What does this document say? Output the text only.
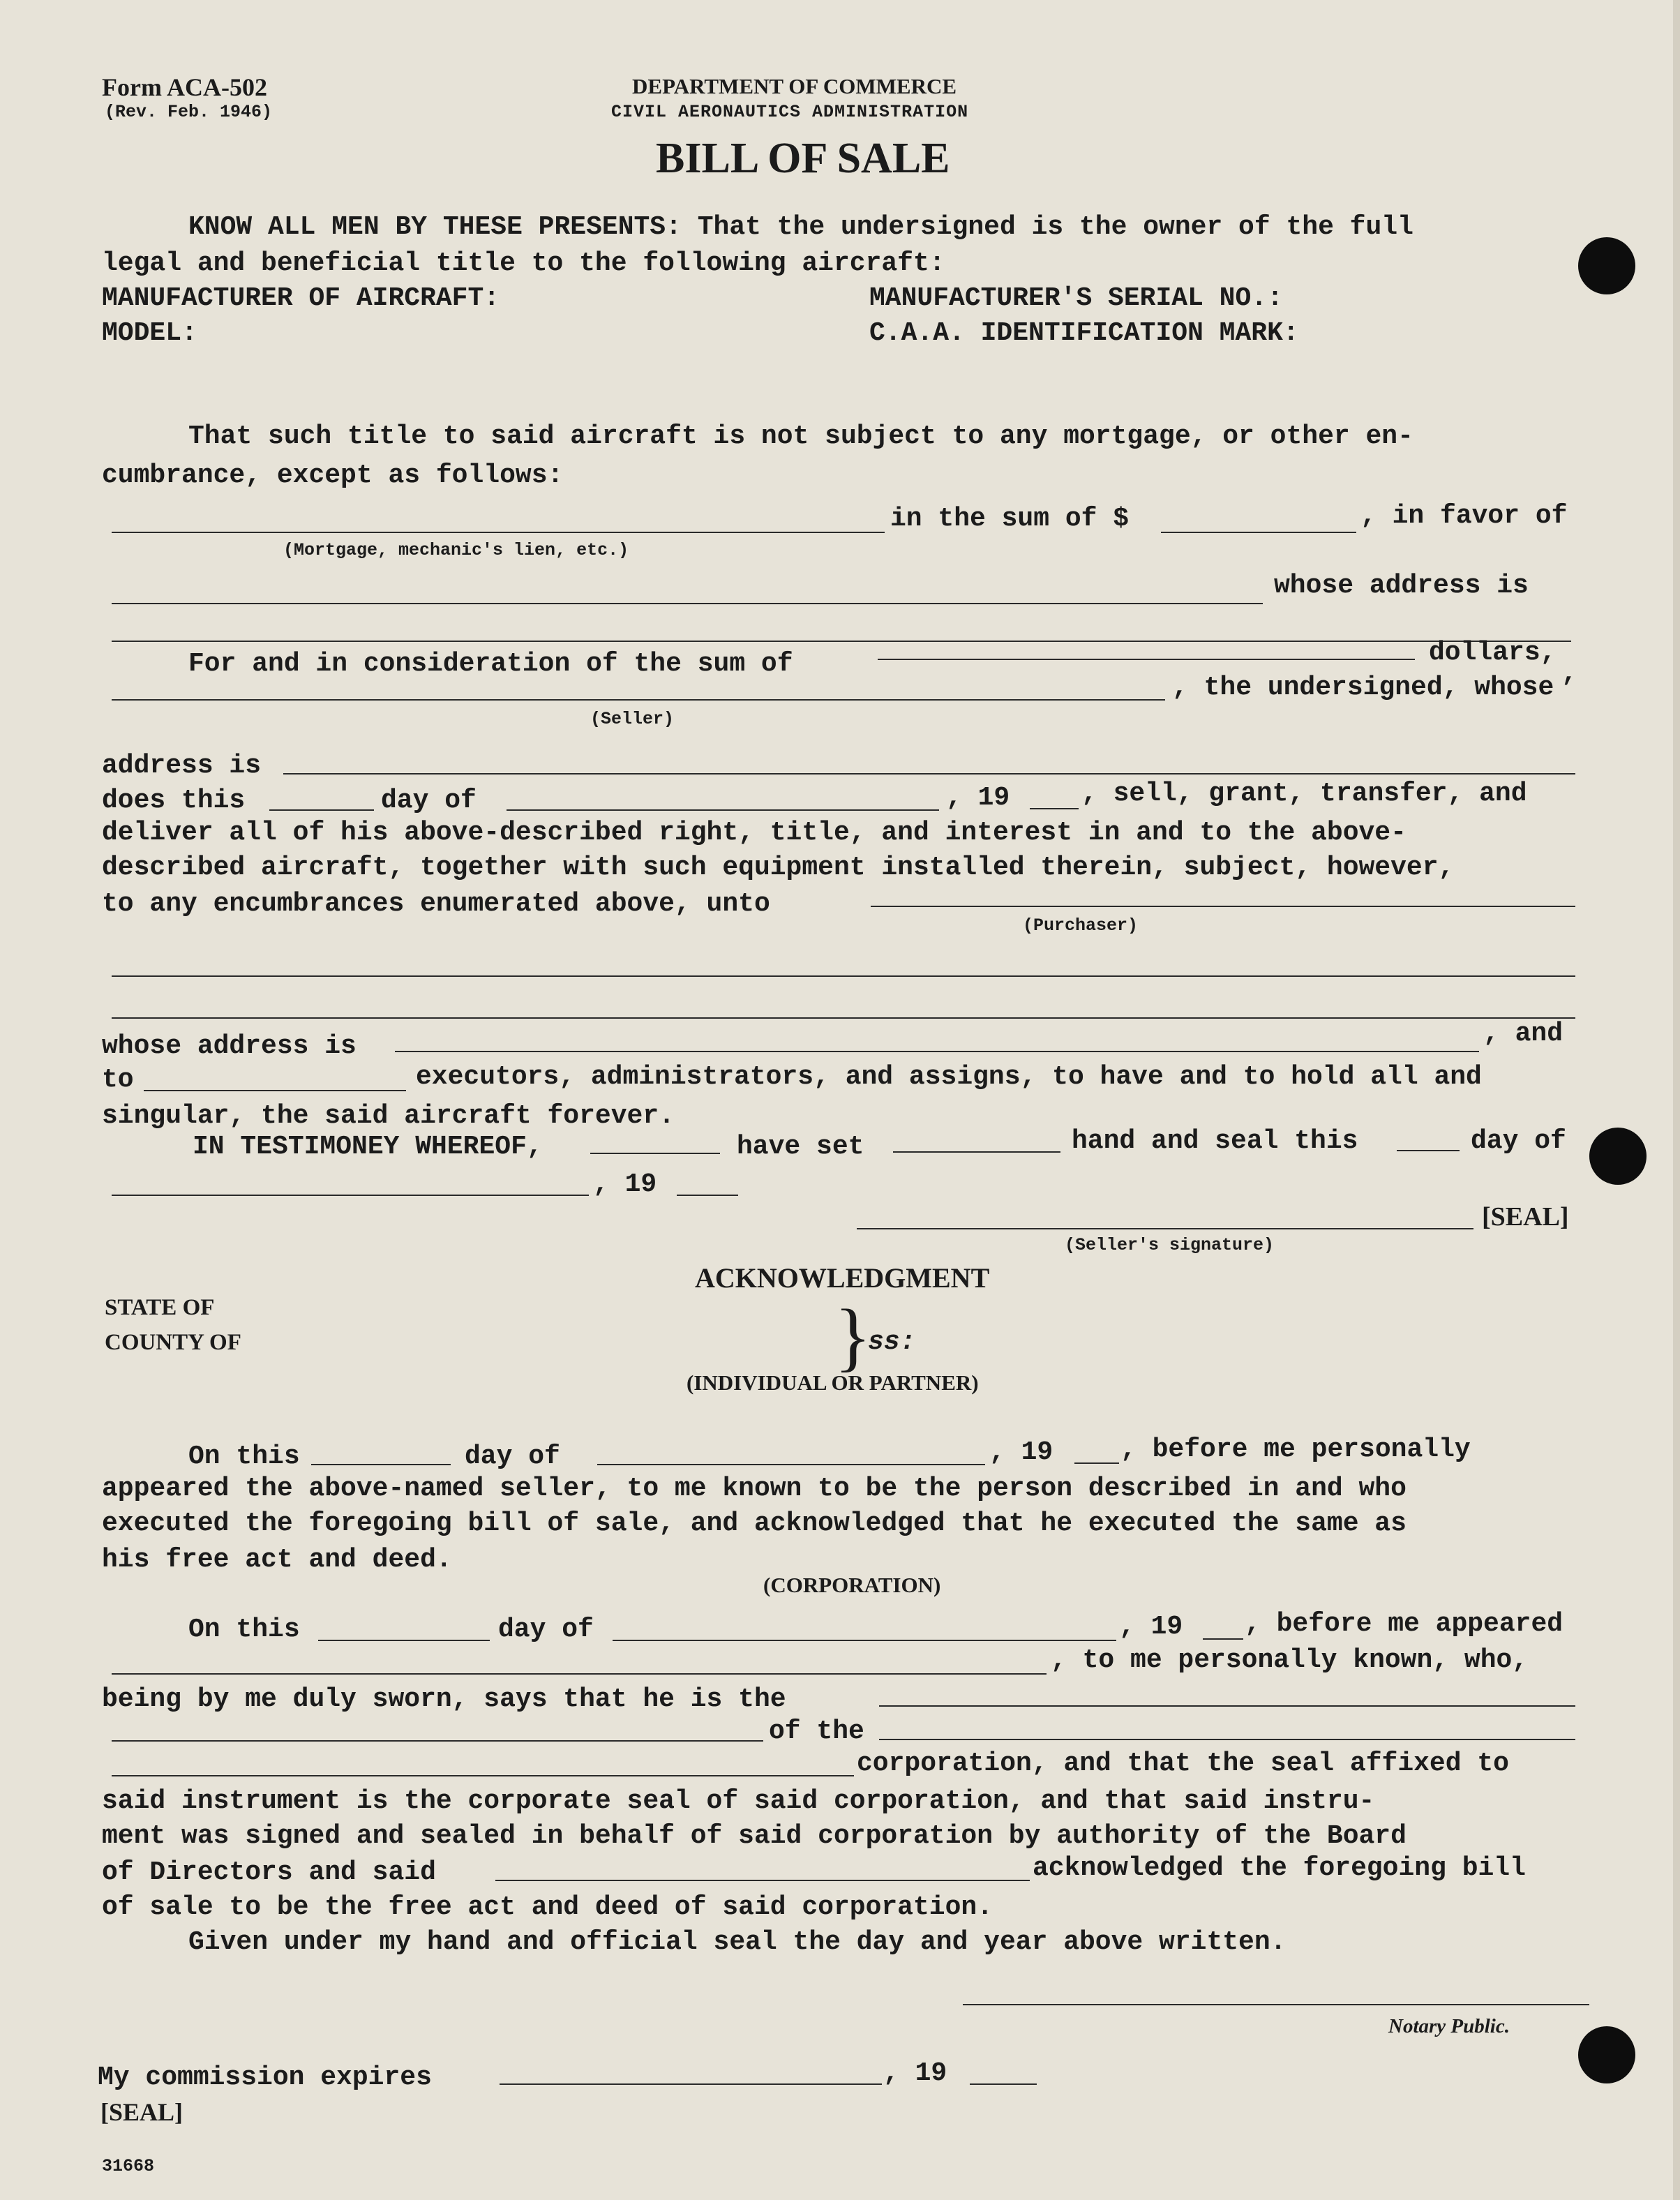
Form ACA-502
(Rev. Feb. 1946)
DEPARTMENT OF COMMERCE
CIVIL AERONAUTICS ADMINISTRATION
BILL OF SALE
KNOW ALL MEN BY THESE PRESENTS: That the undersigned is the owner of the full
legal and beneficial title to the following aircraft:
MANUFACTURER OF AIRCRAFT:	MANUFACTURER'S SERIAL NO.:
MODEL:	C.A.A. IDENTIFICATION MARK:
That such title to said aircraft is not subject to any mortgage, or other en-
cumbrance, except as follows:
in the sum of $	, in favor of
(Mortgage, mechanic's lien, etc.)
whose address is
For and in consideration of the sum of	dollars,
,
, the undersigned, whose
(Seller)
address is
does this	day of	, 19	, sell, grant, transfer, and
deliver all of his above-described right, title, and interest in and to the above-
described aircraft, together with such equipment installed therein, subject, however,
to any encumbrances enumerated above, unto
(Purchaser)
whose address is	, and
to	executors, administrators, and assigns, to have and to hold all and
singular, the said aircraft forever.
IN TESTIMONEY WHEREOF,	have set	hand and seal this	day of
, 19
[SEAL]
(Seller's signature)
ACKNOWLEDGMENT
STATE OF
COUNTY OF	}
ss:
(INDIVIDUAL OR PARTNER)
On this	day of	, 19	, before me personally
appeared the above-named seller, to me known to be the person described in and who
executed the foregoing bill of sale, and acknowledged that he executed the same as
his free act and deed.
(CORPORATION)
On this	day of	, 19 , before me appeared
, to me personally known, who,
being by me duly sworn, says that he is the
of the
corporation, and that the seal affixed to
said instrument is the corporate seal of said corporation, and that said instru-
ment was signed and sealed in behalf of said corporation by authority of the Board
of Directors and said	acknowledged the foregoing bill
of sale to be the free act and deed of said corporation.
Given under my hand and official seal the day and year above written.
Notary Public.
My commission expires	, 19
[SEAL]
31668
